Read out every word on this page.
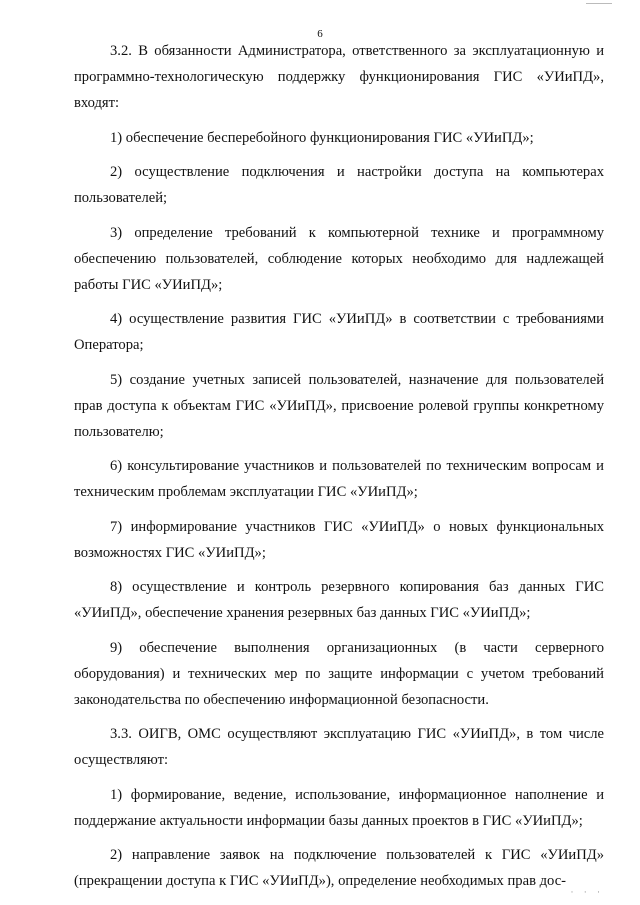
6

3.2. В обязанности Администратора, ответственного за эксплуатационную и программно-технологическую поддержку функционирования ГИС «УИиПД», входят:

1) обеспечение бесперебойного функционирования ГИС «УИиПД»;

2) осуществление подключения и настройки доступа на компьютерах пользователей;

3) определение требований к компьютерной технике и программному обеспечению пользователей, соблюдение которых необходимо для надлежащей работы ГИС «УИиПД»;

4) осуществление развития ГИС «УИиПД» в соответствии с требованиями Оператора;

5) создание учетных записей пользователей, назначение для пользователей прав доступа к объектам ГИС «УИиПД», присвоение ролевой группы конкретному пользователю;

6) консультирование участников и пользователей по техническим вопросам и техническим проблемам эксплуатации ГИС «УИиПД»;

7) информирование участников ГИС «УИиПД» о новых функциональных возможностях ГИС «УИиПД»;

8) осуществление и контроль резервного копирования баз данных ГИС «УИиПД», обеспечение хранения резервных баз данных ГИС «УИиПД»;

9) обеспечение выполнения организационных (в части серверного оборудования) и технических мер по защите информации с учетом требований законодательства по обеспечению информационной безопасности.

3.3. ОИГВ, ОМС осуществляют эксплуатацию ГИС «УИиПД», в том числе осуществляют:

1) формирование, ведение, использование, информационное наполнение и поддержание актуальности информации базы данных проектов в ГИС «УИиПД»;

2) направление заявок на подключение пользователей к ГИС «УИиПД» (прекращении доступа к ГИС «УИиПД»), определение необходимых прав дос-

· · ·
